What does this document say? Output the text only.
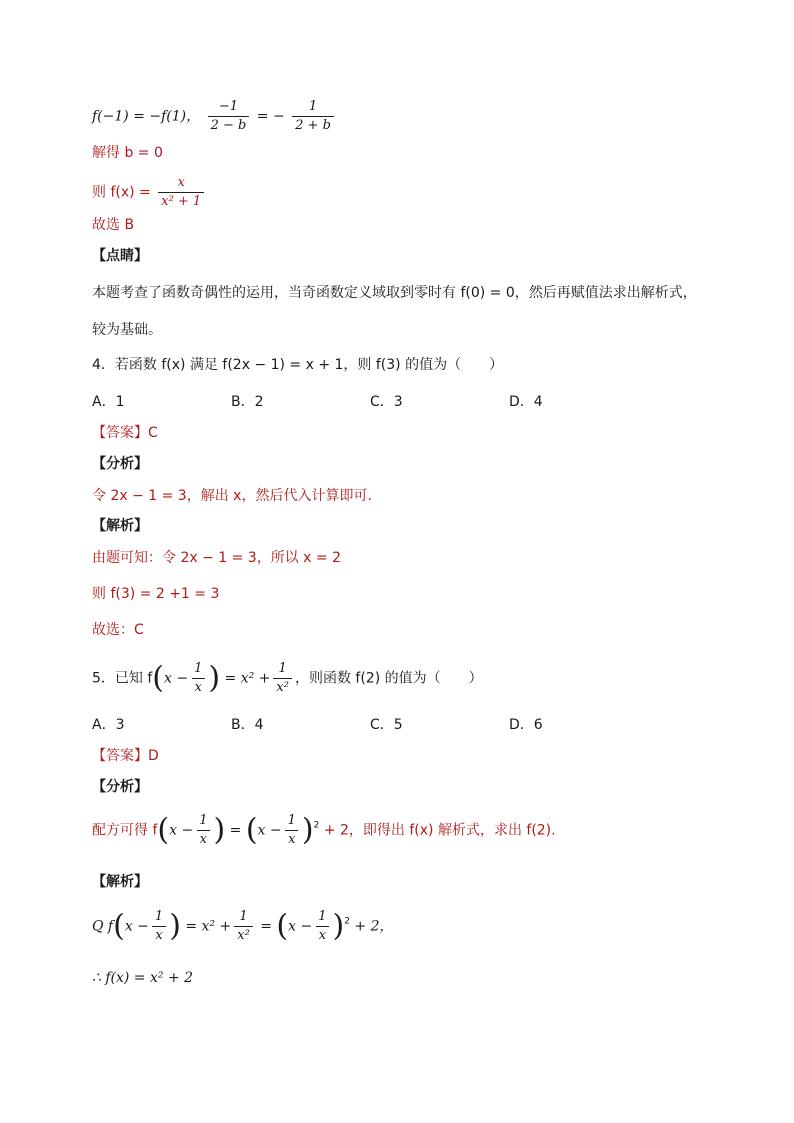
f(−1) = −f(1)， $\frac{-1}{2 - b}$ = − $\frac{1}{2 + b}$
解得 b = 0
则 $f(x) = \frac{x}{\text{x² + 1}}$
故选 B
【点睛】
本题考查了函数奇偶性的运用，当奇函数定义域取到零时有 f(0) = 0，然后再赋值法求出解析式，
较为基础。
4．若函数 f(x) 满足 f(2x − 1) = x + 1，则 f(3) 的值为（　　）
A．1	B．2	C．3	D．4
【答案】C
【分析】
令 2x − 1 = 3，解出 x，然后代入计算即可.
【解析】
由题可知：令 2x − 1 = 3，所以 x = 2
则 f(3) = 2 +1 = 3
故选：C
5．已知 $f(x - \frac{1}{x}$ ) = $x^2 + \frac{1}{\text{x²}}$ ，则函数 f(2) 的值为（　　）
A．3	B．4	C．5	D．6
【答案】D
【分析】
配方可得 $f(x - \frac{1}{x}$ ) = $(x - \frac{1}{x} )^2 + 2$，即得出 f(x) 解析式，求出 f(2).
【解析】
Q $f(x - \frac{1}{x}$ ) = $x^2 + \frac{1}{\text{x²}} = (x - \frac{1}{x} )^2 + 2$，
∴ f(x) = x² + 2
